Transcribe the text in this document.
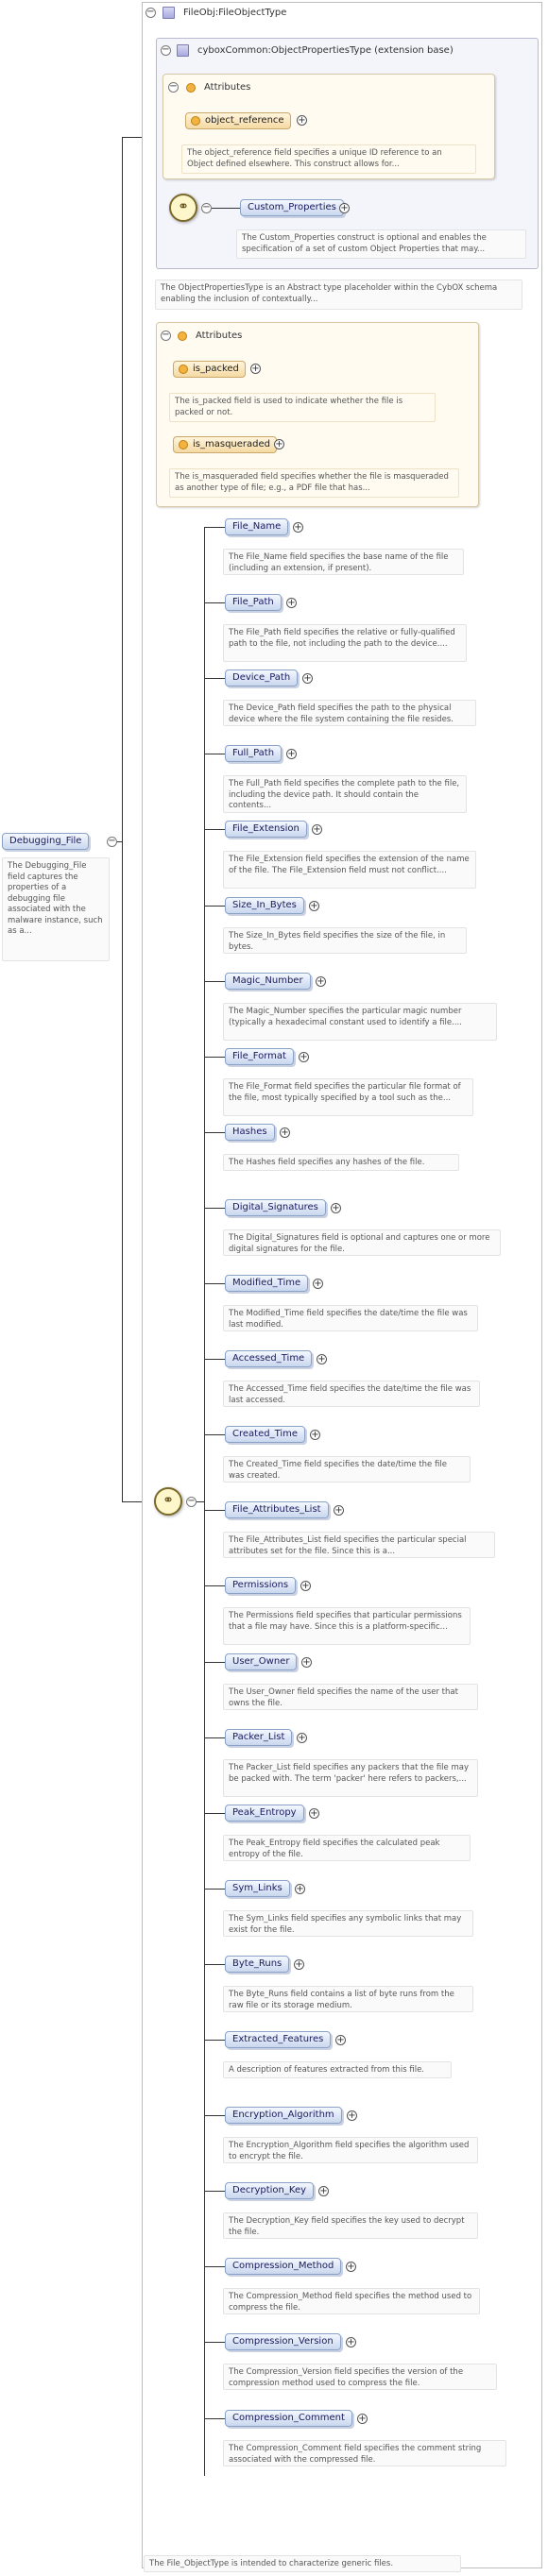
Debugging_File	−
The Debugging_File field captures the properties of a debugging file associated with the malware instance, such as a...
−	FileObj:FileObjectType
−	cyboxCommon:ObjectPropertiesType (extension base)
−	Attributes
object_reference	+
The object_reference field specifies a unique ID reference to an Object defined elsewhere. This construct allows for...
⚭	−	Custom_Properties +
The Custom_Properties construct is optional and enables the specification of a set of custom Object Properties that may...
The ObjectPropertiesType is an Abstract type placeholder within the CybOX schema enabling the inclusion of contextually...
−	Attributes
is_packed	+
The is_packed field is used to indicate whether the file is packed or not.
is_masqueraded +
The is_masqueraded field specifies whether the file is masqueraded as another type of file; e.g., a PDF file that has...
⚭	−
File_Name	+
The File_Name field specifies the base name of the file (including an extension, if present).
File_Path	+
The File_Path field specifies the relative or fully-qualified path to the file, not including the path to the device....
Device_Path	+
The Device_Path field specifies the path to the physical device where the file system containing the file resides.
Full_Path	+
The Full_Path field specifies the complete path to the file, including the device path. It should contain the contents...
File_Extension	+
The File_Extension field specifies the extension of the name of the file. The File_Extension field must not conflict....
Size_In_Bytes	+
The Size_In_Bytes field specifies the size of the file, in bytes.
Magic_Number	+
The Magic_Number specifies the particular magic number (typically a hexadecimal constant used to identify a file....
File_Format	+
The File_Format field specifies the particular file format of the file, most typically specified by a tool such as the...
Hashes	+
The Hashes field specifies any hashes of the file.
Digital_Signatures	+
The Digital_Signatures field is optional and captures one or more digital signatures for the file.
Modified_Time	+
The Modified_Time field specifies the date/time the file was last modified.
Accessed_Time	+
The Accessed_Time field specifies the date/time the file was last accessed.
Created_Time	+
The Created_Time field specifies the date/time the file was created.
File_Attributes_List	+
The File_Attributes_List field specifies the particular special attributes set for the file. Since this is a...
Permissions	+
The Permissions field specifies that particular permissions that a file may have. Since this is a platform-specific...
User_Owner	+
The User_Owner field specifies the name of the user that owns the file.
Packer_List	+
The Packer_List field specifies any packers that the file may be packed with. The term 'packer' here refers to packers,...
Peak_Entropy	+
The Peak_Entropy field specifies the calculated peak entropy of the file.
Sym_Links	+
The Sym_Links field specifies any symbolic links that may exist for the file.
Byte_Runs	+
The Byte_Runs field contains a list of byte runs from the raw file or its storage medium.
Extracted_Features	+
A description of features extracted from this file.
Encryption_Algorithm	+
The Encryption_Algorithm field specifies the algorithm used to encrypt the file.
Decryption_Key	+
The Decryption_Key field specifies the key used to decrypt the file.
Compression_Method	+
The Compression_Method field specifies the method used to compress the file.
Compression_Version	+
The Compression_Version field specifies the version of the compression method used to compress the file.
Compression_Comment	+
The Compression_Comment field specifies the comment string associated with the compressed file.
The File_ObjectType is intended to characterize generic files.
